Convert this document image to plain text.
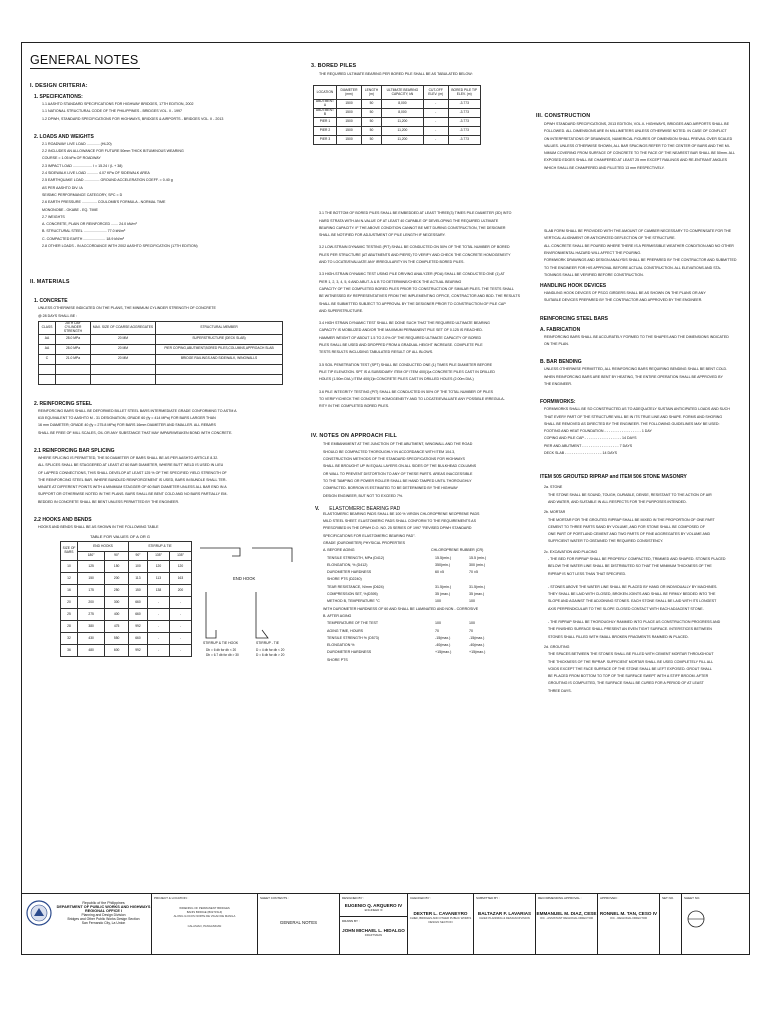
GENERAL NOTES
I. DESIGN CRITERIA:
1. SPECIFICATIONS:
1.1 AASHTO STANDARD SPECIFICATIONS FOR HIGHWAY BRIDGES, 17TH EDITION, 2002
1.1 NATIONAL STRUCTURAL CODE OF THE PHILIPPINES - BRIDGES VOL. II - 1997
1.2 DPWH, STANDARD SPECIFICATIONS FOR HIGHWAYS, BRIDGES & AIRPORTS - BRIDGES VOL. II - 2013
2. LOADS AND WEIGHTS
2.1 ROADWAY LIVE LOAD ............. (HL20)
2.2 INCLUDES AN ALLOWANCE FOR FUTURE 50mm THICK BITUMINOUS WEARING
COURSE = 1.05 kPa OF ROADWAY
2.3 IMPACT LOAD ................... I = 15.24 / (L + 38)
2.4 SIDEWALK LIVE LOAD ........... 4.07 KPa OF SIDEWALK AREA
2.5 EARTHQUAKE LOAD ............... GROUND ACCELERATION COEFF. = 0.40 g
AS PER AASHTO DIV. IA
SEISMIC PERFORMANCE CATEGORY, SPC = D
2.6 EARTH PRESSURE ............... COULOMB'S FORMULA - NORMAL TIME
MONONOBE - OKABE - EQ. TIME
2.7 WEIGHTS
A. CONCRETE, PLAIN OR REINFORCED ....... 24.0 kN/m³
B. STRUCTURAL STEEL ....................... 77.0 kN/m³
C. COMPACTED EARTH ...................... 18.9 kN/m³
2.8 OTHER LOADS - IN ACCORDANCE WITH 2002 AASHTO SPECIFICATION (17TH EDITION)
II. MATERIALS
1. CONCRETE
UNLESS OTHERWISE INDICATED ON THE PLANS, THE MINIMUM CYLINDER STRENGTH OF CONCRETE
@ 28 DAYS SHALL BE :
CLASS	28TH DAY CYLINDER STRENGTH	MAX. SIZE OF COARSE AGGREGATES	STRUCTURAL MEMBER
AA	28.0 MPa	20 MM	SUPERSTRUCTURE (DECK SLAB)
AA	28.0 MPa	20 MM	PIER COPING,ABUTMENT,BORED PILES,COLUMNS,APPROACH SLAB
C	21.0 MPa	20 MM	BRIDGE RAILINGS AND SIDEWALK, WINGWALLS

2. REINFORCING STEEL
REINFORCING BARS SHALL BE DEFORMED BILLET STEEL BARS INTERMEDIATE GRADE CONFORMING TO ASTM A
615 EQUIVALENT TO AASHTO M - 31 DESIGNATION, GRADE 60 (fy = 414 MPa) FOR BARS LARGER THAN
16 mm DIAMETER; GRADE 40 (fy = 275.8 MPa) FOR BARS 16mm DIAMETER AND SMALLER. ALL REBARS
SHALL BE FREE OF MILL SCALES, OIL OR ANY SUBSTANCE THAT MAY IMPAIR/WEAKEN BOND WITH CONCRETE.
2.1 REINFORCING BAR SPLICING
WHERE SPLICING IS PERMITTED, THE 50 DIAMETER OF BARS SHALL BE AS PER AASHTO ARTICLE 8.32.
ALL SPLICES SHALL BE STAGGERED AT LEAST AT 60 BAR DIAMETER, WHERE BUTT WELD IS USED IN LIEU
OF LAPPED CONNECTIONS, THIS SHALL DEVELOP AT LEAST 125 % OF THE SPECIFIED YIELD STRENGTH OF
THE REINFORCING STEEL BAR. WHERE BUNDLED REINFORCEMENT IS USED, BARS IN BUNDLE SHALL TER-
MINATE AT DIFFERENT POINTS WITH A MINIMUM STAGGER OF 60 BAR DIAMETER UNLESS ALL BAR END IN A
SUPPORT OR OTHERWISE NOTED IN THE PLANS. BARS SHALL BE BENT COLD AND NO BARS PARTIALLY EM-
BEDDED IN CONCRETE SHALL BE BENT UNLESS PERMITTED BY THE ENGINEER.
2.2 HOOKS AND BENDS
HOOKS AND BENDS SHALL BE AS SHOWN IN THE FOLLOWING TABLE
TABLE FOR VALUES OF A OR G
SIZE OF BARS	END HOOKS		STIRRUP & TIE		
	180°	90°	90°	135°	135°
10	125	150	100	120	120
12	150	200	113	113	163
16	175	250	150	138	200
20	200	300	660	-	-
25	275	400	660	-	-
28	380	475	992	-	-
32	430	550	660	-	-
36	480	600	992	-	-
END HOOK
STIRRUP & TIE HOOK	STIRRUP - TIE
Db = 6 db for db < 20
Db = 6.7 db for db > 30
D = 4 db for db < 20
D = 6 db for db > 20
3. BORED PILES
THE REQUIRED ULTIMATE BEARING PER BORED PILE SHALL BE AS TABULATED BELOW:
LOCATION	DIAMETER (mm)	LENGTH (m)	ULTIMATE BEARING CAPACITY, kN	CUT-OFF ELEV. (m)	BORED PILE TIP ELEV. (m)
ABUTMENT A	1500	50	8,000	-	-3.773
ABUTMENT B	1500	50	8,000	-	-3.773
PIER 1	1500	50	11,200	-	-3.773
PIER 2	1500	50	11,200	-	-3.773
PIER 3	1500	50	11,200	-	-3.773
3.1 THE BOTTOM OF BORED PILES SHALL BE EMBEDDED AT LEAST THREE(3) TIMES PILE DIAMETER (3D) INTO
HARD STRATA WITH AN N-VALUE OF AT LEAST 40 CAPABLE OF DEVELOPING THE REQUIRED ULTIMATE
BEARING CAPACITY. IF THE ABOVE CONDITION CANNOT BE MET DURING CONSTRUCTION, THE DESIGNER
SHALL BE NOTIFIED FOR ADJUSTMENT OF PILE LENGTH IF NECESSARY.
3.2 LOW-STRAIN DYNAMIC TESTING (PIT) SHALL BE CONDUCTED ON 50% OF THE TOTAL NUMBER OF BORED
PILES PER STRUCTURE (AT ABUTMENTS AND PIERS) TO VERIFY AND CHECK THE CONCRETE HOMOGENEITY
AND TO LOCATE/EVALUATE ANY IRREGULARITY IN THE COMPLETED BORED PILES.
3.3 HIGH-STRAIN DYNAMIC TEST USING PILE DRIVING ANALYZER (PDA) SHALL BE CONDUCTED ONE (1) AT
PIER 1, 2, 3, 4, 5, 6 AND ABUT. A & B TO DETERMINE/CHECK THE ACTUAL BEARING
CAPACITY OF THE COMPLETED BORED PILES PRIOR TO CONSTRUCTION OF SIMILAR PILES. THE TESTS SHALL
BE WITNESSED BY REPRESENTATIVES FROM THE IMPLEMENTING OFFICE, CONTRACTOR AND BDD. THE RESULTS
SHALL BE SUBMITTED SUBJECT TO APPROVAL BY THE DESIGNER PRIOR TO CONSTRUCTION OF PILE CAP
AND SUPERSTRUCTURE.
3.4 HIGH STRAIN DYNAMIC TEST SHALL BE DONE SUCH THAT THE REQUIRED ULTIMATE BEARING
CAPACITY IS MOBILIZED AND/OR THE MAXIMUM PERMANENT PILE SET OF 0.125 IS REACHED.
HAMMER WEIGHT OF ABOUT 1.5 TO 2.0% OF THE REQUIRED ULTIMATE CAPACITY OF BORED
PILES SHALL BE USED AND DROPPED FROM A GRADUAL HEIGHT INCREASE. COMPLETE PILE
TESTS RESULTS INCLUDING TABULATED RESULT OF ALL BLOWS.
3.5 SOIL PENETRATION TEST (SPT) SHALL BE CONDUCTED ONE (1) TIMES PILE DIAMETER BEFORE
PILE TIP ELEVATION. SPT IS A SUBSIDIARY ITEM OF ITEM 400(1)a CONCRETE PILES CAST IN DRILLED
HOLES (1.50m DIA.) ITEM 400(1)b CONCRETE PILES CAST IN DRILLED HOLES (2.00m DIA.)
3.6 PILE INTEGRITY TESTING (PIT) SHALL BE CONDUCTED IN 50% OF THE TOTAL NUMBER OF PILES
TO VERIFY/CHECK THE CONCRETE HOMOGENEITY AND TO LOCATE/EVALUATE ANY POSSIBLE IRREGULA-
RITY IN THE COMPLETED BORED PILES.
IV. NOTES ON APPROACH FILL
THE EMBANKMENT AT THE JUNCTION OF THE ABUTMENT, WINGWALL AND THE ROAD
SHOULD BE COMPACTED THOROUGHLY IN ACCORDANCE WITH ITEM 104.3,
CONSTRUCTION METHODS OF THE STANDARD SPECIFICATIONS FOR HIGHWAYS
SHALL BE BROUGHT UP IN EQUAL LAYERS ON ALL SIDES OF THE BULKHEAD COLUMNS
OR WALL TO PREVENT DISTORTION TO ANY OF THESE PARTS. AREAS INACCESSIBLE
TO THE TAMPING OR POWER ROLLER SHALL BE HAND TAMPED UNTIL THOROUGHLY
COMPACTED. BORROW IS ESTIMATED TO BE DETERMINED BY THE HIGHWAY
DESIGN ENGINEER, BUT NOT TO EXCEED 7%.
V. ELASTOMERIC BEARING PAD
ELASTOMERIC BEARING PADS SHALL BE 100 % VIRGIN CHLOROPRENE NEOPRENE PADS
MILD STEEL SHEET. ELASTOMERIC PADS SHALL CONFORM TO THE REQUIREMENTS AS
PRESCRIBED IN THE DPWH D.O. NO. 25 SERIES OF 1997 "REVISED DPWH STANDARD
SPECIFICATIONS FOR ELASTOMERIC BEARING PAD".
GRADE (DUROMETER) PHYSICAL PROPERTIES
A. BEFORE AGING	CHLOROPRENE RUBBER (CR)
TENSILE STRENGTH, MPa (D412)	15.5(min.)	15.5 (min.)
ELONGATION, % (D412)	350(min.)	300 (min.)
DUROMETER HARDNESS	60 ±5	70 ±5
SHORE PTS (D2240)
TEAR RESISTANCE, N/mm (D624)	31.5(min.)	31.5(min.)
COMPRESSION SET, %(D395)	35 (max.)	35 (max.)
METHOD B, TEMPERATURE °C	100	100
WITH DUROMETER HARDNESS OF 60 AND SHALL BE LAMINATED AND NON - CORROSIVE
B. AFTER AGING
TEMPERATURE OF THE TEST	100	100
AGING TIME, HOURS	70	70
TENSILE STRENGTH % (D573)	-15(max.)	-15(max.)
ELONGATION %	-40(max.)	-40(max.)
DUROMETER HARDNESS	+15(max.)	+15(max.)
SHORE PTS
III. CONSTRUCTION
DPWH STANDARD SPECIFICATIONS, 2013 EDITION, VOL.II- HIGHWAYS, BRIDGES AND AIRPORTS SHALL BE
FOLLOWED. ALL DIMENSIONS ARE IN MILLIMETERS UNLESS OTHERWISE NOTED. IN CASE OF CONFLICT
ON INTERPRETATIONS OF DRAWINGS, NUMERICAL FIGURES OF DIMENSION SHALL PREVAIL OVER SCALED
VALUES. UNLESS OTHERWISE SHOWN, ALL BAR SPACINGS REFER TO THE CENTER OF BARS AND THE MI-
NIMUM COVERING FROM SURFACE OF CONCRETE TO THE FACE OF THE NEAREST BAR SHALL BE 50mm. ALL
EXPOSED EDGES SHALL BE CHAMFERED AT LEAST 25 mm EXCEPT RAILINGS AND RE-ENTRANT ANGLES
WHICH SHALL BE CHAMFERED AND FILLETED 13 mm RESPECTIVELY.
SLAB FORM SHALL BE PROVIDED WITH THE AMOUNT OF CAMBER NECESSARY TO COMPENSATE FOR THE
VERTICAL ALIGNMENT OR ANTICIPATED DEFLECTION OF THE STRUCTURE.
ALL CONCRETE SHALL BE POURED WHERE THERE IS A PERMISSIBLE WEATHER CONDITION AND NO OTHER
ENVIRONMENTAL HAZARD WILL AFFECT THE POURING.
FORMWORK DRAWINGS AND DESIGN ANALYSIS SHALL BE PREPARED BY THE CONTRACTOR AND SUBMITTED
TO THE ENGINEER FOR HIS APPROVAL BEFORE ACTUAL CONSTRUCTION. ALL ELEVATIONS AND STA-
TIONINGS SHALL BE VERIFIED BEFORE CONSTRUCTION.
HANDLING HOOK DEVICES
HANDLING HOOK DEVICES OF PSCG GIRDERS SHALL BE AS SHOWN ON THE PLANS OR ANY
SUITABLE DEVICES PREPARED BY THE CONTRACTOR AND APPROVED BY THE ENGINEER.
REINFORCING STEEL BARS
A. FABRICATION
REINFORCING BARS SHALL BE ACCURATELY FORMED TO THE SHAPES AND THE DIMENSIONS INDICATED
ON THE PLAN.
B. BAR BENDING
UNLESS OTHERWISE PERMITTED, ALL REINFORCING BARS REQUIRING BENDING SHALL BE BENT COLD.
WHEN REINFORCING BARS ARE BENT BY HEATING, THE ENTIRE OPERATION SHALL BE APPROVED BY
THE ENGINEER.
FORMWORKS:
FORMWORKS SHALL BE SO CONSTRUCTED AS TO ADEQUATELY SUSTAIN ANTICIPATED LOADS AND SUCH
THAT EVERY PART OF THE STRUCTURE WILL BE IN ITS TRUE LINE AND SHAPE. FORMS AND SHORING
SHALL BE REMOVED AS DIRECTED BY THE ENGINEER. THE FOLLOWING GUIDELINES MAY BE USED:
FOOTING AND HEAT FOUNDATION - - - - - - - - - - - - - - - - - 1 DAY
COPING AND PILE CAP - - - - - - - - - - - - - - - - - 14 DAYS
PIER AND ABUTMENT - - - - - - - - - - - - - - - - - 7 DAYS
DECK SLAB - - - - - - - - - - - - - - - - - 14 DAYS
ITEM 505 GROUTED RIPRAP and ITEM 506 STONE MASONRY
2a. STONE
THE STONE SHALL BE SOUND, TOUGH, DURABLE, DENSE, RESISTANT TO THE ACTION OF AIR
AND WATER, AND SUITABLE IN ALL RESPECTS FOR THE PURPOSES INTENDED.
2b. MORTAR
THE MORTAR FOR THE GROUTED RIPRAP SHALL BE MIXED IN THE PROPORTION OF ONE PART
CEMENT TO THREE PARTS SAND BY VOLUME, AND FOR STONE SHALL BE COMPOSED OF
ONE PART OF PORTLAND CEMENT AND TWO PARTS OF FINE AGGREGATES BY VOLUME AND
SUFFICIENT WATER TO OBTAINED THE REQUIRED CONSISTENCY.
2c. EXCAVATION AND PLACING
- THE BED FOR RIPRAP SHALL BE PROPERLY COMPACTED, TRIMMED AND SHAPED. STONES PLACED
BELOW THE WATER LINE SHALL BE DISTRIBUTED SO THAT THE MINIMUM THICKNESS OF THE
RIPRAP IS NOT LESS THAN THAT SPECIFIED.
- STONES ABOVE THE WATER LINE SHALL BE PLACED BY HAND OR INDIVIDUALLY BY MACHINES.
THEY SHALL BE LAID WITH CLOSED, BROKEN JOINTS AND SHALL BE FIRMLY BEDDED INTO THE
SLOPE AND AGAINST THE ADJOINING STONES. EACH STONE SHALL BE LAID WITH ITS LONGEST
AXIS PERPENDICULAR TO THE SLOPE CLOSED CONTACT WITH EACH ADJACENT STONE.
- THE RIPRAP SHALL BE THOROUGHLY RAMMED INTO PLACE AS CONSTRUCTION PROGRESS AND
THE FINISHED SURFACE SHALL PRESENT AN EVEN TIGHT SURFACE. INTERSTICES BETWEEN
STONES SHALL FILLED WITH SMALL BROKEN FRAGMENTS RAMMED IN PLACED.
2d. GROUTING
THE SPACES BETWEEN THE STONES SHALL BE FILLED WITH CEMENT MORTAR THROUGHOUT
THE THICKNESS OF THE RIPRAP. SUFFICIENT MORTAR SHALL BE USED COMPLETELY FILL ALL
VOIDS EXCEPT THE FACE SURFACE OF THE STONE SHALL BE LEFT EXPOSED. GROUT SHALL
BE PLACED FROM BOTTOM TO TOP OF THE SURFACE SWEPT WITH A STIFF BROOM. AFTER
GROUTING IS COMPLETED, THE SURFACE SHALL BE CURED FOR A PERIOD OF AT LEAST
THREE DAYS.
Republic of the Philippines
DEPARTMENT OF PUBLIC WORKS AND HIGHWAYS
REGIONAL OFFICE I
Planning and Design Division
Bridges and Other Public Works Design Section
San Fernando City, La Union
PROJECT & LOCATION :
WIDENING OF PERMANENT BRIDGES
BANIS BRIDGE (B02715LZ)
ALONG ILOCOS NORTE DE VIGAN DE MANILA
CALASIAO, PANGASINAN
SHEET CONTENTS :
GENERAL NOTES
DESIGNED BY :
EUGENIO Q. ARQUERO IV
ENGINEER III
DRAWN BY :
JOHN MICHAEL L. HIDALGO
DRAFTSMAN
CHECKED BY :
DEXTER L. CAVANEYRO
CHIEF, BRIDGES AND OTHER PUBLIC WORKS DESIGN SECTION
SUBMITTED BY :
BALTAZAR F. LAVARIAS
CHIEF PLANNING & DESIGN DIVISION
RECOMMENDING APPROVAL :
EMMANUEL M. DIAZ, CESE
OIC - ASSISTANT REGIONAL DIRECTOR
APPROVED :
RONNEL M. TAN, CESO IV
OIC - REGIONAL DIRECTOR
SET NO.	SHEET NO.
